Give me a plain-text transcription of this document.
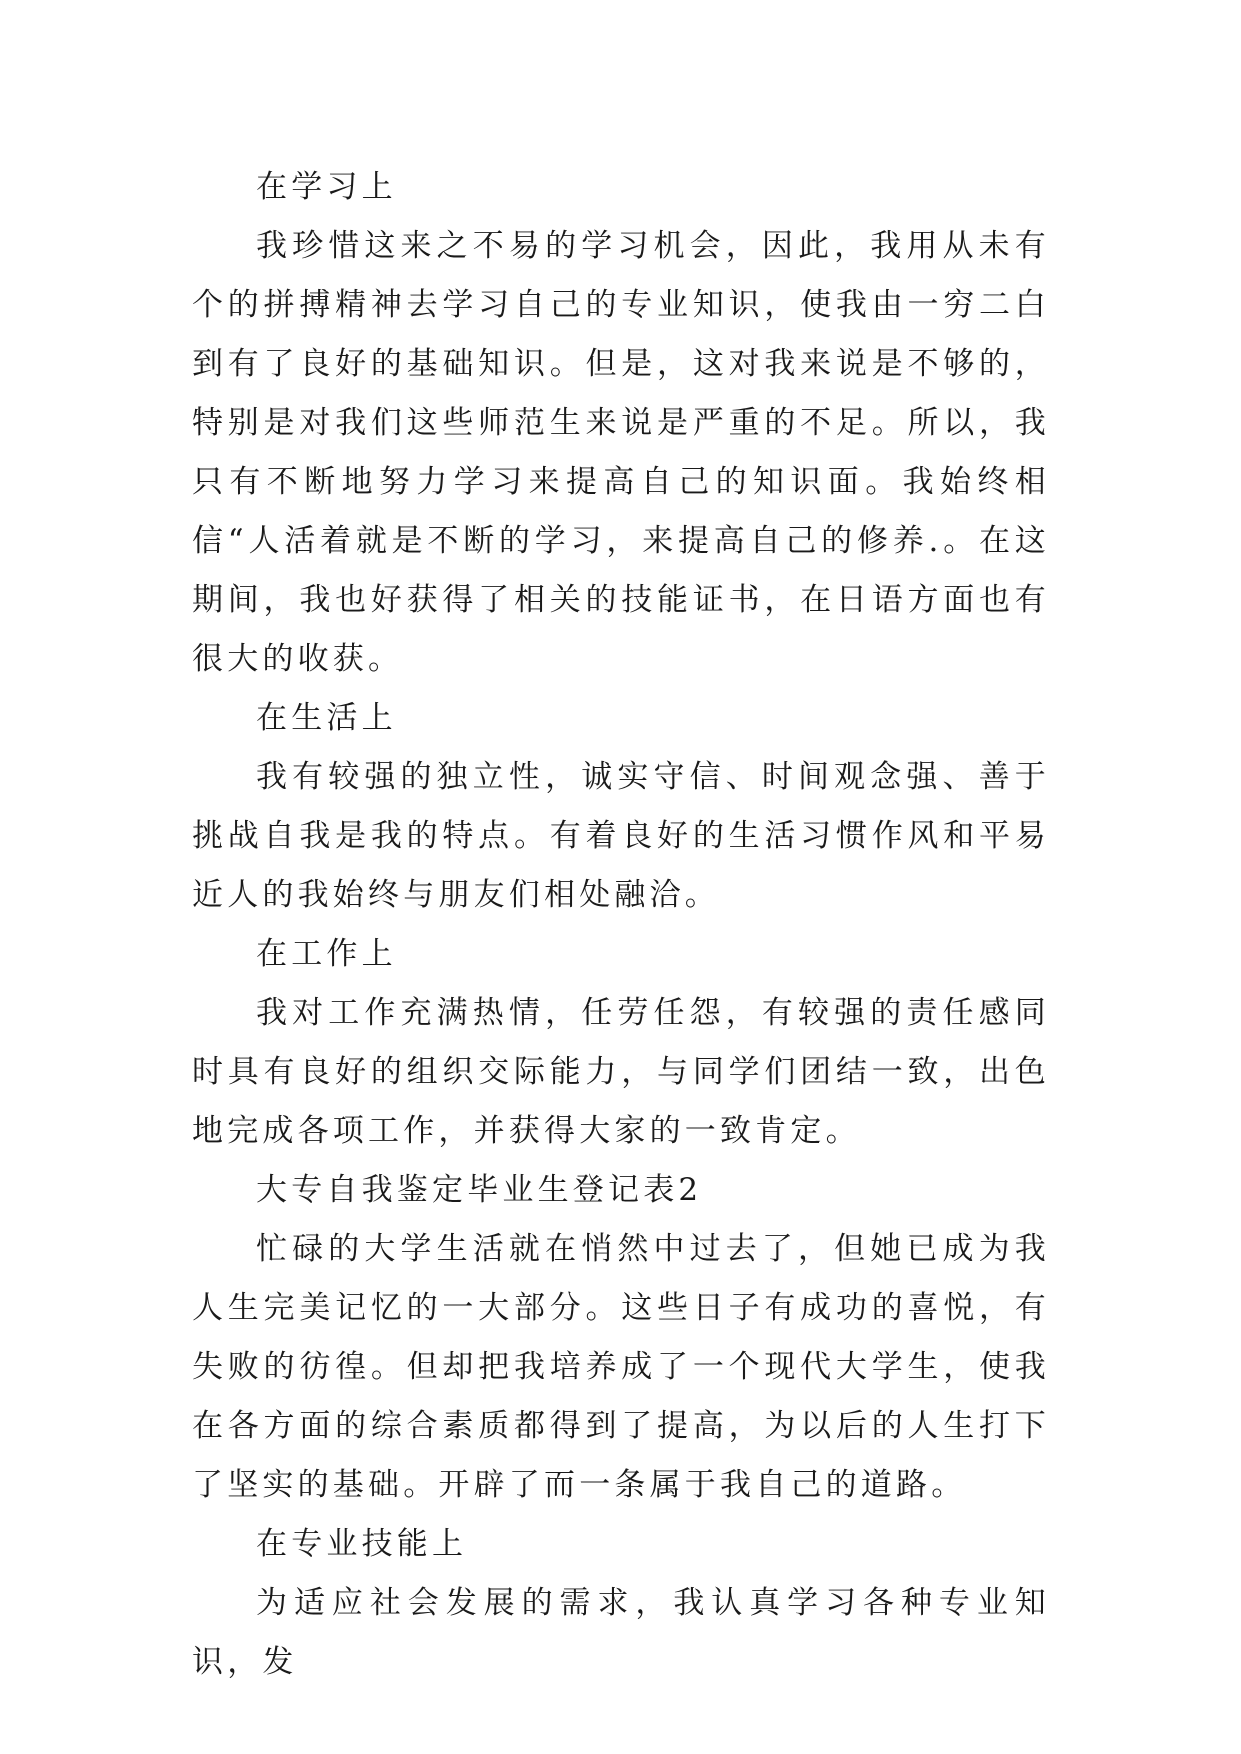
在学习上

我珍惜这来之不易的学习机会，因此，我用从未有个的拼搏精神去学习自己的专业知识，使我由一穷二白到有了良好的基础知识。但是，这对我来说是不够的，特别是对我们这些师范生来说是严重的不足。所以，我只有不断地努力学习来提高自己的知识面。我始终相信“人活着就是不断的学习，来提高自己的修养.。在这期间，我也好获得了相关的技能证书，在日语方面也有很大的收获。

在生活上

我有较强的独立性，诚实守信、时间观念强、善于挑战自我是我的特点。有着良好的生活习惯作风和平易近人的我始终与朋友们相处融洽。

在工作上

我对工作充满热情，任劳任怨，有较强的责任感同时具有良好的组织交际能力，与同学们团结一致，出色地完成各项工作，并获得大家的一致肯定。

大专自我鉴定毕业生登记表2

忙碌的大学生活就在悄然中过去了，但她已成为我人生完美记忆的一大部分。这些日子有成功的喜悦，有失败的彷徨。但却把我培养成了一个现代大学生，使我在各方面的综合素质都得到了提高，为以后的人生打下了坚实的基础。开辟了而一条属于我自己的道路。

在专业技能上

为适应社会发展的需求，我认真学习各种专业知识，发
